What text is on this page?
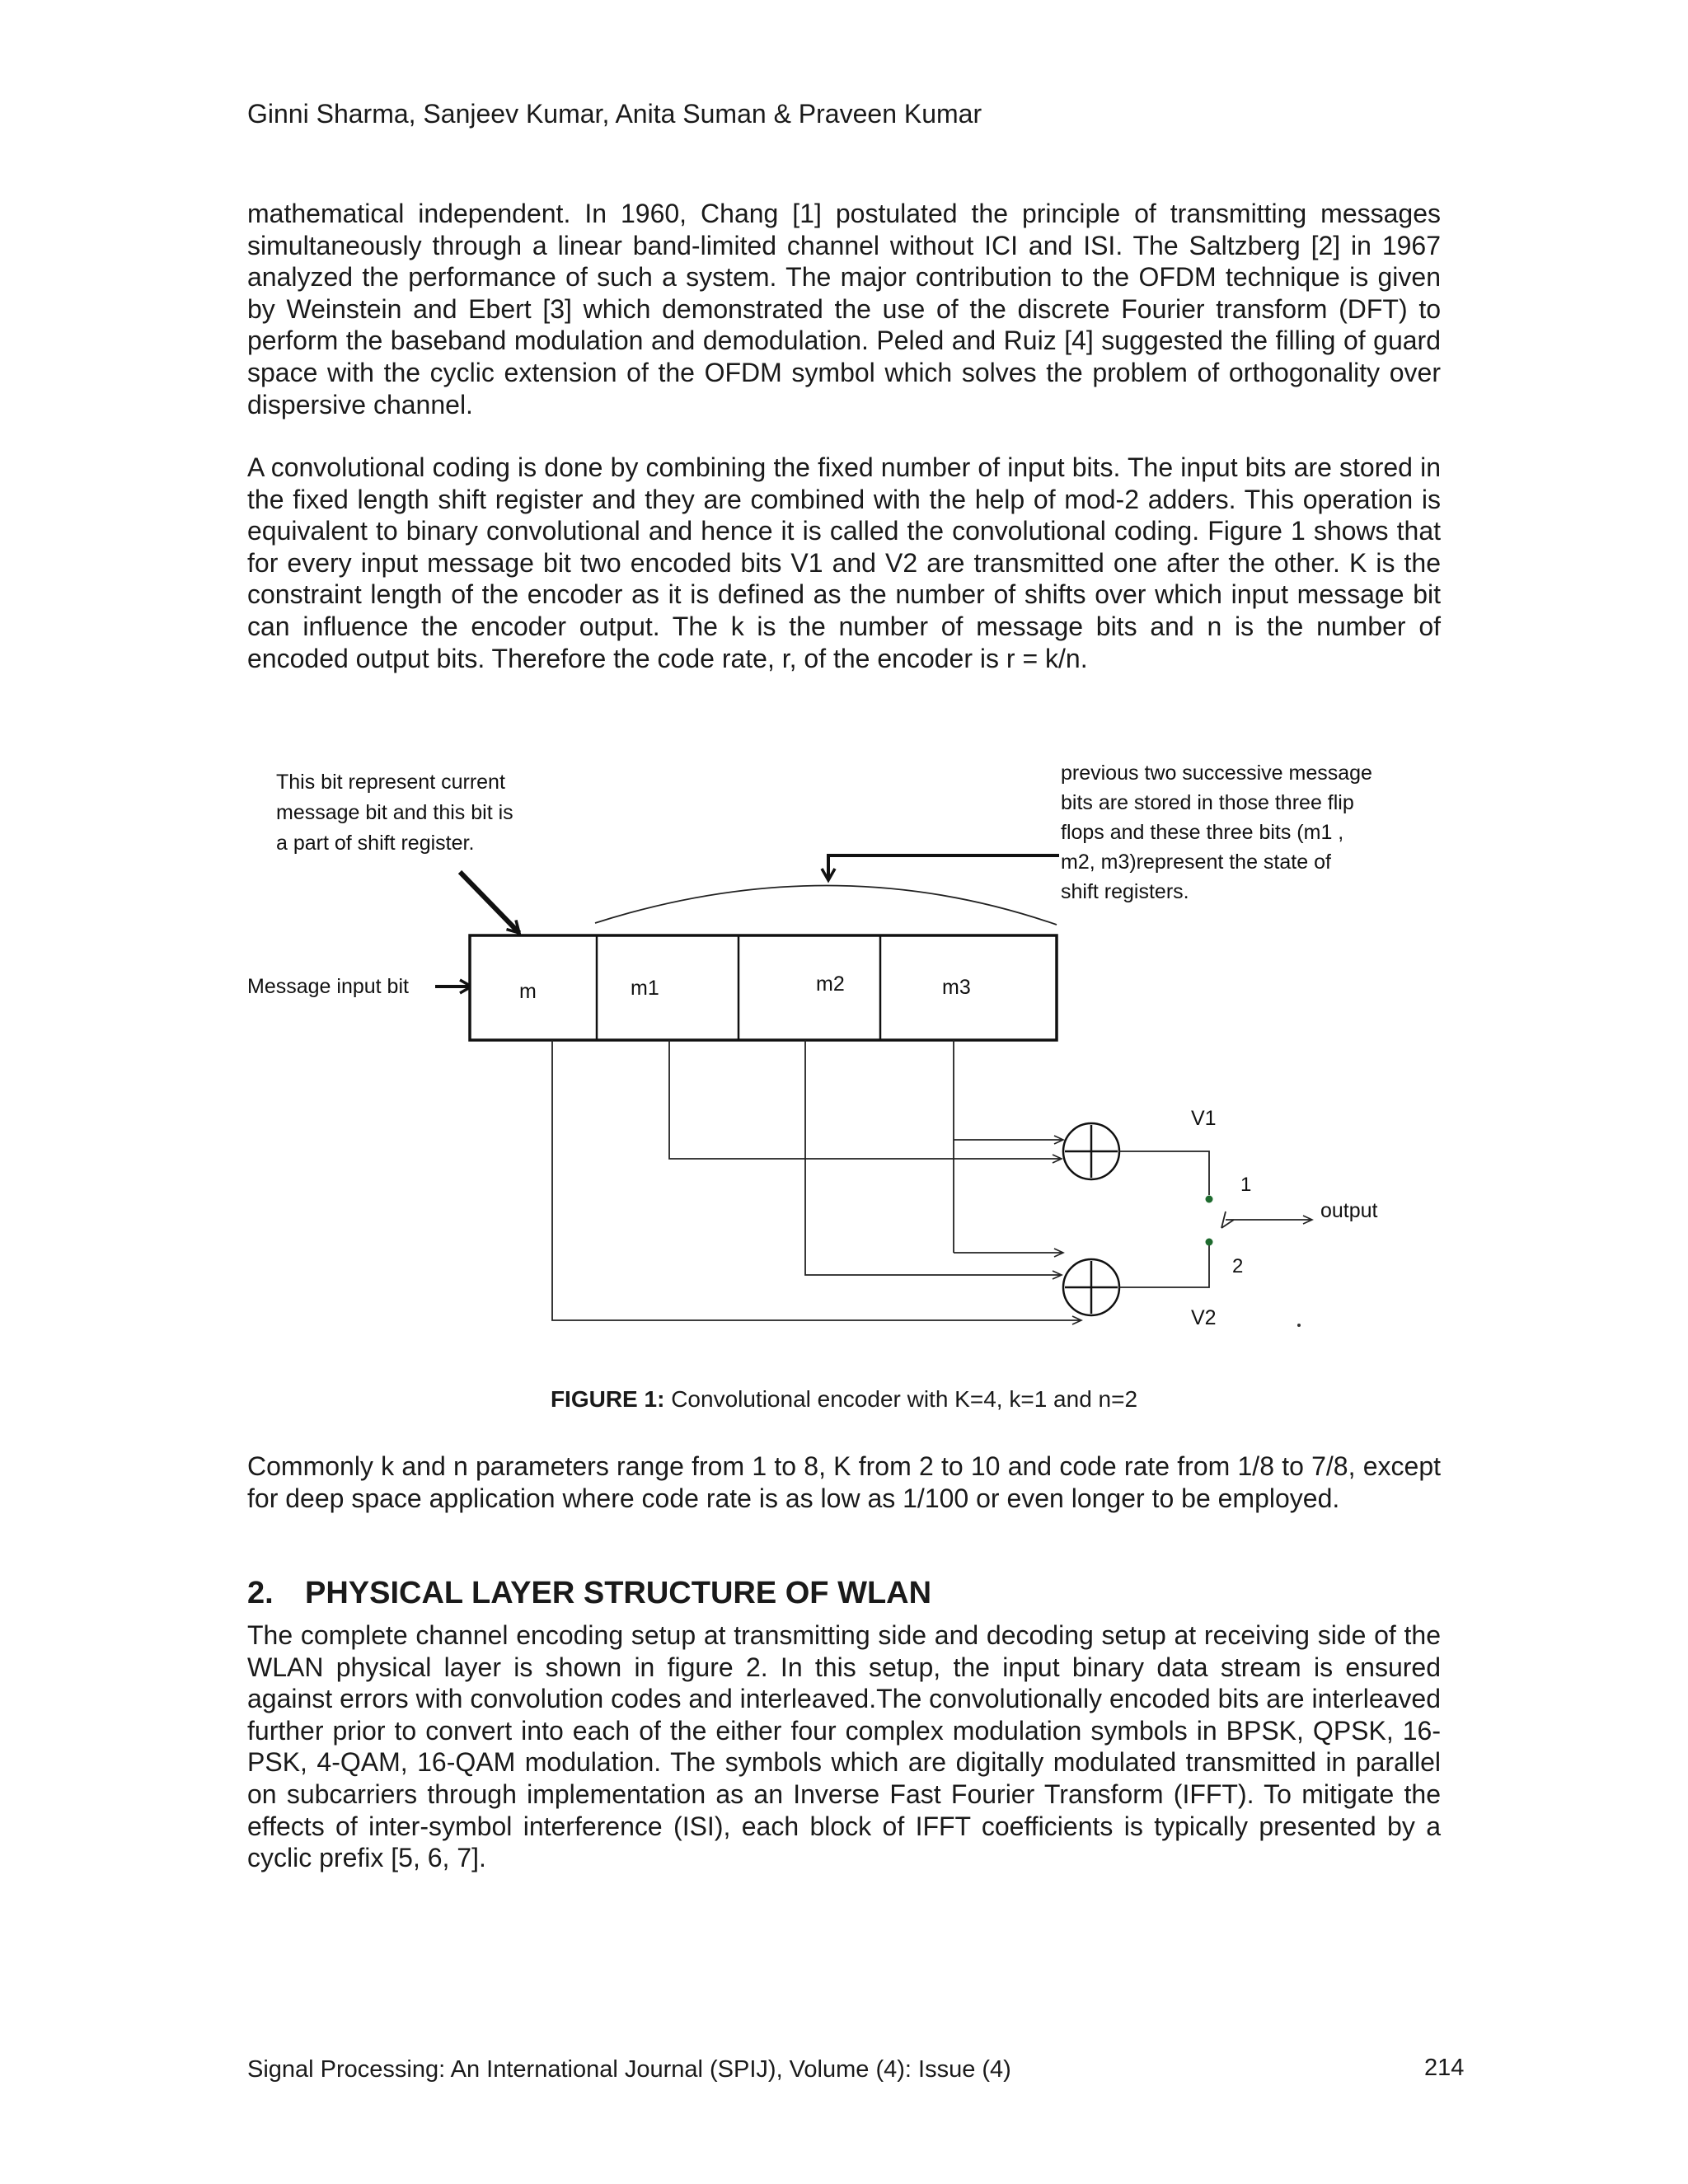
Ginni Sharma, Sanjeev Kumar, Anita Suman & Praveen Kumar

mathematical independent. In 1960, Chang [1] postulated the principle of transmitting messages simultaneously through a linear band-limited channel without ICI and ISI. The Saltzberg [2] in 1967 analyzed the performance of such a system. The major contribution to the OFDM technique is given by Weinstein and Ebert [3] which demonstrated the use of the discrete Fourier transform (DFT) to perform the baseband modulation and demodulation. Peled and Ruiz [4] suggested the filling of guard space with the cyclic extension of the OFDM symbol which solves the problem of orthogonality over dispersive channel.

A convolutional coding is done by combining the fixed number of input bits. The input bits are stored in the fixed length shift register and they are combined with the help of mod-2 adders. This operation is equivalent to binary convolutional and hence it is called the convolutional coding. Figure 1 shows that for every input message bit two encoded bits V1 and V2 are transmitted one after the other. K is the constraint length of the encoder as it is defined as the number of shifts over which input message bit can influence the encoder output. The k is the number of message bits and n is the number of encoded output bits. Therefore the code rate, r, of the encoder is r = k/n.

This bit represent current
message bit and this bit is
a part of shift register.
previous two successive message
bits are stored in those three flip
flops and these three bits (m1 ,
m2, m3)represent the state of
shift registers.
Message input bit	m	m1	m2	m3
V1
V2
1
2
output
FIGURE 1: Convolutional encoder with K=4, k=1 and n=2

Commonly k and n parameters range from 1 to 8, K from 2 to 10 and code rate from 1/8 to 7/8, except for deep space application where code rate is as low as 1/100 or even longer to be employed.

2. PHYSICAL LAYER STRUCTURE OF WLAN

The complete channel encoding setup at transmitting side and decoding setup at receiving side of the WLAN physical layer is shown in figure 2. In this setup, the input binary data stream is ensured against errors with convolution codes and interleaved.The convolutionally encoded bits are interleaved further prior to convert into each of the either four complex modulation symbols in BPSK, QPSK, 16-PSK, 4-QAM, 16-QAM modulation. The symbols which are digitally modulated transmitted in parallel on subcarriers through implementation as an Inverse Fast Fourier Transform (IFFT). To mitigate the effects of inter-symbol interference (ISI), each block of IFFT coefficients is typically presented by a cyclic prefix [5, 6, 7].

Signal Processing: An International Journal (SPIJ), Volume (4): Issue (4)	214
